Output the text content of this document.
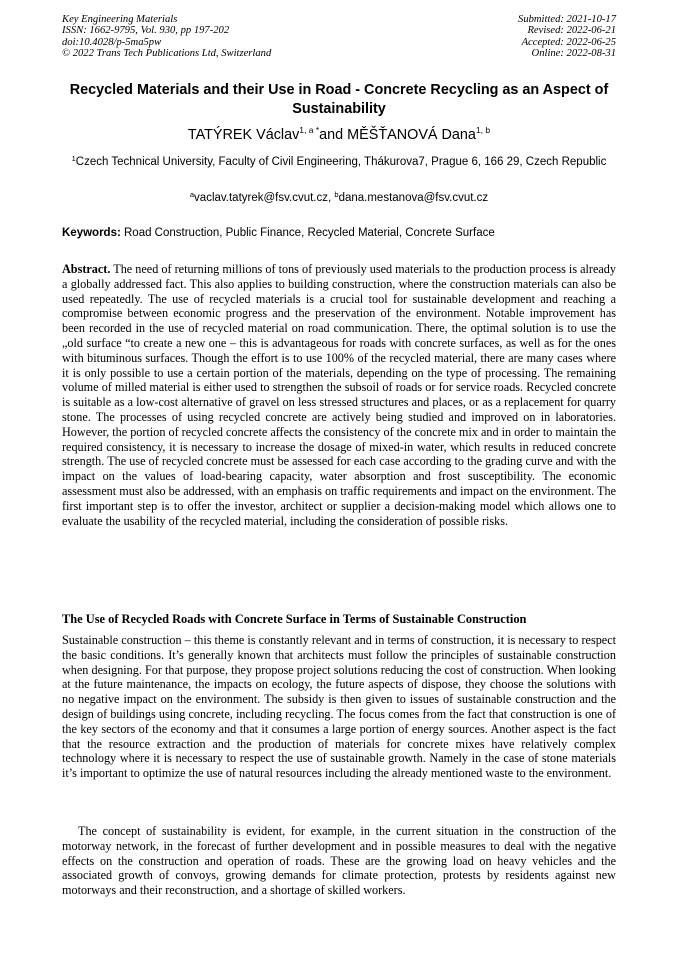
Key Engineering Materials
ISSN: 1662-9795, Vol. 930, pp 197-202
doi:10.4028/p-5ma5pw
© 2022 Trans Tech Publications Ltd, Switzerland
Submitted: 2021-10-17
Revised: 2022-06-21
Accepted: 2022-06-25
Online: 2022-08-31
Recycled Materials and their Use in Road - Concrete Recycling as an Aspect of Sustainability
TATÝREK Václav$^{1, a *}$and MĚŠŤANOVÁ Dana$^{1, b}$
$^1$Czech Technical University, Faculty of Civil Engineering, Thákurova7, Prague 6, 166 29, Czech Republic
$^a$vaclav.tatyrek@fsv.cvut.cz, $^b$dana.mestanova@fsv.cvut.cz
Keywords: Road Construction, Public Finance, Recycled Material, Concrete Surface
Abstract. The need of returning millions of tons of previously used materials to the production process is already a globally addressed fact. This also applies to building construction, where the construction materials can also be used repeatedly. The use of recycled materials is a crucial tool for sustainable development and reaching a compromise between economic progress and the preservation of the environment. Notable improvement has been recorded in the use of recycled material on road communication. There, the optimal solution is to use the „old surface “to create a new one – this is advantageous for roads with concrete surfaces, as well as for the ones with bituminous surfaces. Though the effort is to use 100% of the recycled material, there are many cases where it is only possible to use a certain portion of the materials, depending on the type of processing. The remaining volume of milled material is either used to strengthen the subsoil of roads or for service roads. Recycled concrete is suitable as a low-cost alternative of gravel on less stressed structures and places, or as a replacement for quarry stone. The processes of using recycled concrete are actively being studied and improved on in laboratories. However, the portion of recycled concrete affects the consistency of the concrete mix and in order to maintain the required consistency, it is necessary to increase the dosage of mixed-in water, which results in reduced concrete strength. The use of recycled concrete must be assessed for each case according to the grading curve and with the impact on the values of load-bearing capacity, water absorption and frost susceptibility. The economic assessment must also be addressed, with an emphasis on traffic requirements and impact on the environment. The first important step is to offer the investor, architect or supplier a decision-making model which allows one to evaluate the usability of the recycled material, including the consideration of possible risks.
The Use of Recycled Roads with Concrete Surface in Terms of Sustainable Construction
Sustainable construction – this theme is constantly relevant and in terms of construction, it is necessary to respect the basic conditions. It’s generally known that architects must follow the principles of sustainable construction when designing. For that purpose, they propose project solutions reducing the cost of construction. When looking at the future maintenance, the impacts on ecology, the future aspects of dispose, they choose the solutions with no negative impact on the environment. The subsidy is then given to issues of sustainable construction and the design of buildings using concrete, including recycling. The focus comes from the fact that construction is one of the key sectors of the economy and that it consumes a large portion of energy sources. Another aspect is the fact that the resource extraction and the production of materials for concrete mixes have relatively complex technology where it is necessary to respect the use of sustainable growth. Namely in the case of stone materials it’s important to optimize the use of natural resources including the already mentioned waste to the environment.
The concept of sustainability is evident, for example, in the current situation in the construction of the motorway network, in the forecast of further development and in possible measures to deal with the negative effects on the construction and operation of roads. These are the growing load on heavy vehicles and the associated growth of convoys, growing demands for climate protection, protests by residents against new motorways and their reconstruction, and a shortage of skilled workers.
